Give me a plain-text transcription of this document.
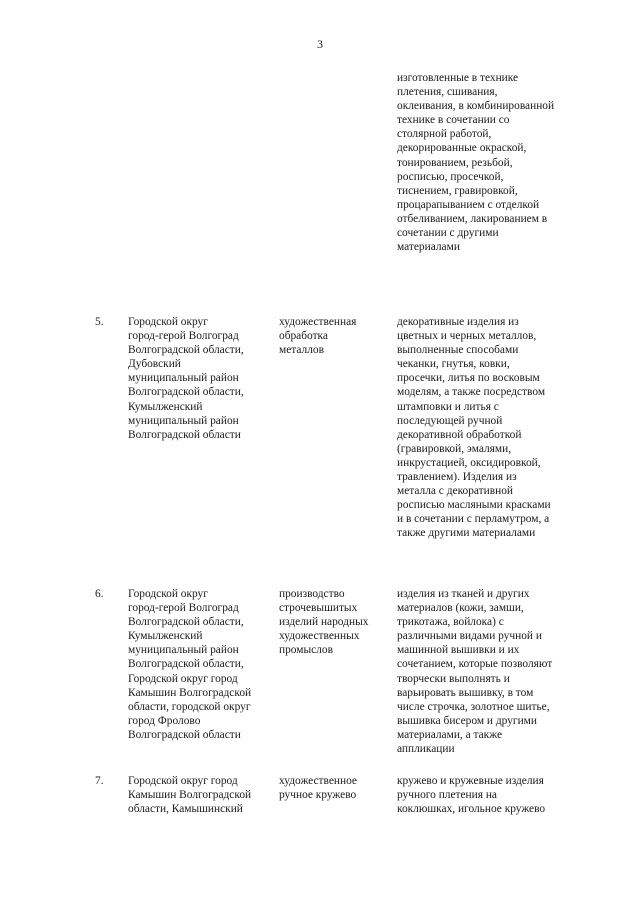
3
изготовленные в технике
плетения, сшивания,
оклеивания, в комбинированной
технике в сочетании со
столярной работой,
декорированные окраской,
тонированием, резьбой,
росписью, просечкой,
тиснением, гравировкой,
процарапыванием с отделкой
отбеливанием, лакированием в
сочетании с другими
материалами
5. Городской округ
город-герой Волгоград
Волгоградской области,
Дубовский
муниципальный район
Волгоградской области,
Кумылженский
муниципальный район
Волгоградской области
художественная
обработка
металлов
декоративные изделия из
цветных и черных металлов,
выполненные способами
чеканки, гнутья, ковки,
просечки, литья по восковым
моделям, а также посредством
штамповки и литья с
последующей ручной
декоративной обработкой
(гравировкой, эмалями,
инкрустацией, оксидировкой,
травлением). Изделия из
металла с декоративной
росписью масляными красками
и в сочетании с перламутром, а
также другими материалами
6. Городской округ
город-герой Волгоград
Волгоградской области,
Кумылженский
муниципальный район
Волгоградской области,
Городской округ город
Камышин Волгоградской
области, городской округ
город Фролово
Волгоградской области
производство
строчевышитых
изделий народных
художественных
промыслов
изделия из тканей и других
материалов (кожи, замши,
трикотажа, войлока) с
различными видами ручной и
машинной вышивки и их
сочетанием, которые позволяют
творчески выполнять и
варьировать вышивку, в том
числе строчка, золотное шитье,
вышивка бисером и другими
материалами, а также
аппликации
7. Городской округ город
Камышин Волгоградской
области, Камышинский
художественное
ручное кружево
кружево и кружевные изделия
ручного плетения на
коклюшках, игольное кружево
